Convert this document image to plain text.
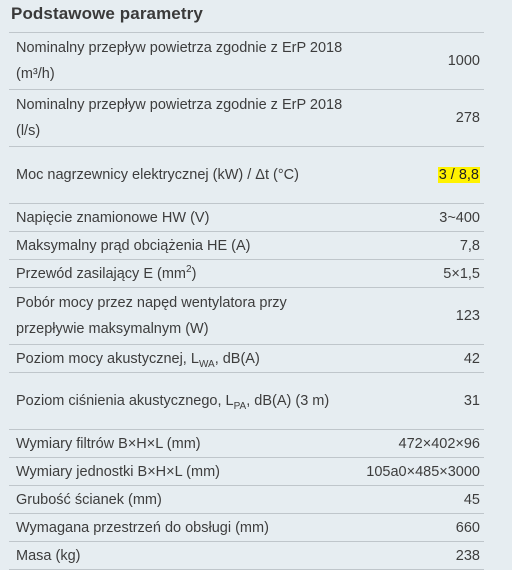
Podstawowe parametry
Nominalny przepływ powietrza zgodnie z ErP 2018 (m³/h)	1000
Nominalny przepływ powietrza zgodnie z ErP 2018 (l/s)	278
Moc nagrzewnicy elektrycznej (kW) / Δt (°C)	3 / 8,8
Napięcie znamionowe HW (V)	3~400
Maksymalny prąd obciążenia HE (A)	7,8
Przewód zasilający E $(mm^2)$	5×1,5
Pobór mocy przez napęd wentylatora przy przepływie maksymalnym (W)	123
Poziom mocy akustycznej, $L_{WA}$, dB(A)	42
Poziom ciśnienia akustycznego, $L_{PA}$, dB(A) (3 m)	31
Wymiary filtrów B×H×L (mm)	472×402×96
Wymiary jednostki B×H×L (mm)	105a0×485×3000
Grubość ścianek (mm)	45
Wymagana przestrzeń do obsługi (mm)	660
Masa (kg)	238
